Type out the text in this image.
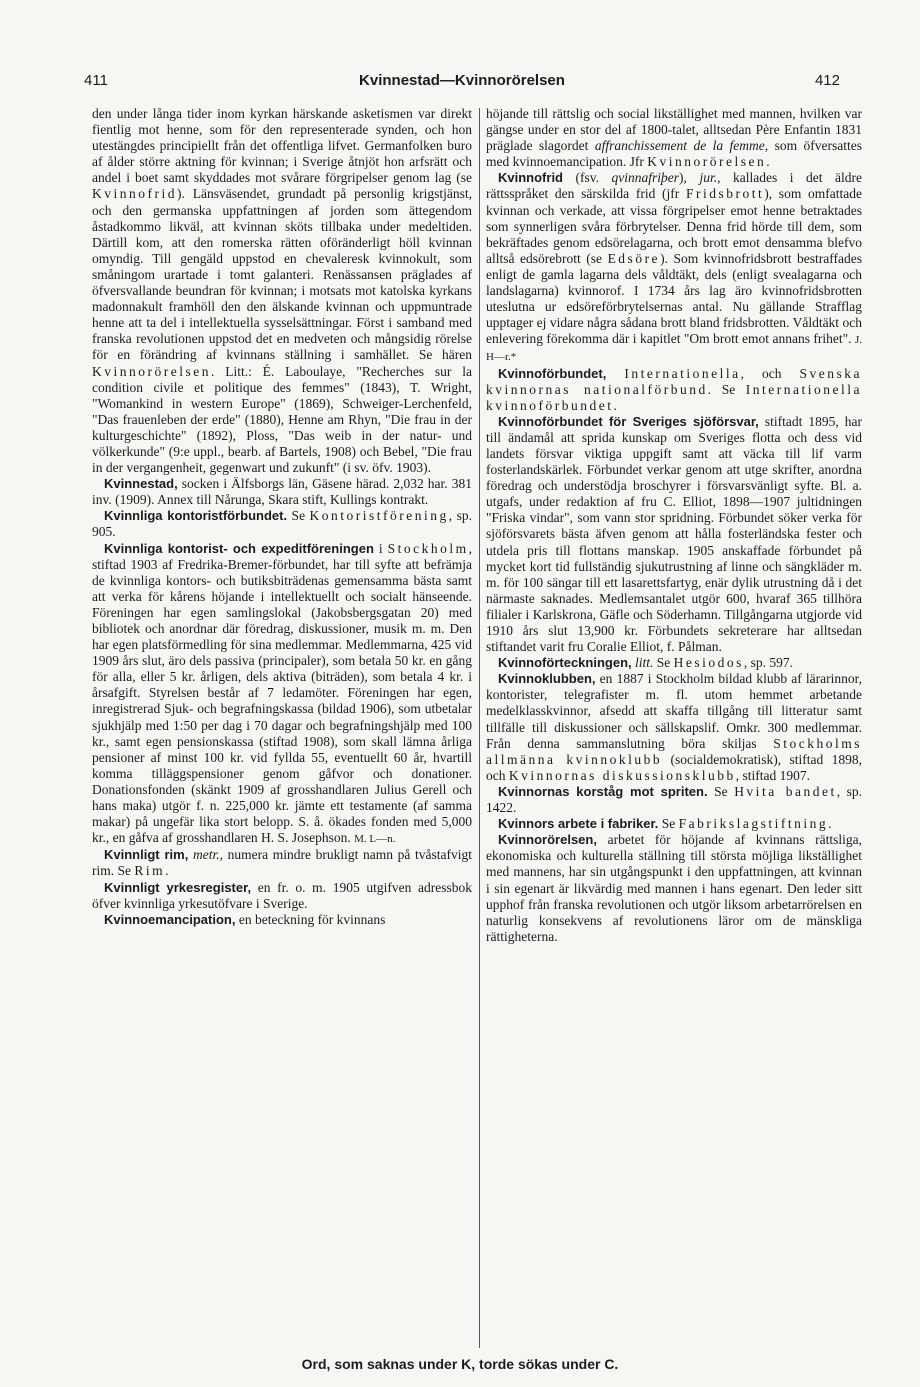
411	Kvinnestad—Kvinnorörelsen	412

den under långa tider inom kyrkan härskande asketismen var direkt fientlig mot henne, som för den representerade synden, och hon utestängdes principiellt från det offentliga lifvet. Germanfolken buro af ålder större aktning för kvinnan; i Sverige åtnjöt hon arfsrätt och andel i boet samt skyddades mot svårare förgripelser genom lag (se Kvinnofrid). Länsväsendet, grundadt på personlig krigstjänst, och den germanska uppfattningen af jorden som ättegendom åstadkommo likväl, att kvinnan sköts tillbaka under medeltiden. Därtill kom, att den romerska rätten oföränderligt höll kvinnan omyndig. Till gengäld uppstod en chevaleresk kvinnokult, som småningom urartade i tomt galanteri. Renässansen präglades af öfversvallande beundran för kvinnan; i motsats mot katolska kyrkans madonnakult framhöll den den älskande kvinnan och uppmuntrade henne att ta del i intellektuella sysselsättningar. Först i samband med franska revolutionen uppstod det en medveten och mångsidig rörelse för en förändring af kvinnans ställning i samhället. Se hären Kvinnorörelsen. Litt.: É. Laboulaye, "Recherches sur la condition civile et politique des femmes" (1843), T. Wright, "Womankind in western Europe" (1869), Schweiger-Lerchenfeld, "Das frauenleben der erde" (1880), Henne am Rhyn, "Die frau in der kulturgeschichte" (1892), Ploss, "Das weib in der natur- und völkerkunde" (9:e uppl., bearb. af Bartels, 1908) och Bebel, "Die frau in der vergangenheit, gegenwart und zukunft" (i sv. öfv. 1903).

Kvinnestad, socken i Älfsborgs län, Gäsene härad. 2,032 har. 381 inv. (1909). Annex till Nårunga, Skara stift, Kullings kontrakt.

Kvinnliga kontoristförbundet. Se Kontoristförening, sp. 905.

Kvinnliga kontorist- och expeditföreningen i Stockholm, stiftad 1903 af Fredrika-Bremer-förbundet, har till syfte att befrämja de kvinnliga kontors- och butiksbiträdenas gemensamma bästa samt att verka för kårens höjande i intellektuellt och socialt hänseende. Föreningen har egen samlingslokal (Jakobsbergsgatan 20) med bibliotek och anordnar där föredrag, diskussioner, musik m. m. Den har egen platsförmedling för sina medlemmar. Medlemmarna, 425 vid 1909 års slut, äro dels passiva (principaler), som betala 50 kr. en gång för alla, eller 5 kr. årligen, dels aktiva (biträden), som betala 4 kr. i årsafgift. Styrelsen består af 7 ledamöter. Föreningen har egen, inregistrerad Sjuk- och begrafningskassa (bildad 1906), som utbetalar sjukhjälp med 1:50 per dag i 70 dagar och begrafningshjälp med 100 kr., samt egen pensionskassa (stiftad 1908), som skall lämna årliga pensioner af minst 100 kr. vid fyllda 55, eventuellt 60 år, hvartill komma tilläggspensioner genom gåfvor och donationer. Donationsfonden (skänkt 1909 af grosshandlaren Julius Gerell och hans maka) utgör f. n. 225,000 kr. jämte ett testamente (af samma makar) på ungefär lika stort belopp. S. å. ökades fonden med 5,000 kr., en gåfva af grosshandlaren H. S. Josephson. M. L—n.

Kvinnligt rim, metr., numera mindre brukligt namn på tvåstafvigt rim. Se Rim.

Kvinnligt yrkesregister, en fr. o. m. 1905 utgifven adressbok öfver kvinnliga yrkesutöfvare i Sverige.

Kvinnoemancipation, en beteckning för kvinnans

höjande till rättslig och social likställighet med mannen, hvilken var gängse under en stor del af 1800-talet, alltsedan Père Enfantin 1831 präglade slagordet affranchissement de la femme, som öfversattes med kvinnoemancipation. Jfr Kvinnorörelsen.

Kvinnofrid (fsv. qvinnafriþer), jur., kallades i det äldre rättsspråket den särskilda frid (jfr Fridsbrott), som omfattade kvinnan och verkade, att vissa förgripelser emot henne betraktades som synnerligen svåra förbrytelser. Denna frid hörde till dem, som bekräftades genom edsörelagarna, och brott emot densamma blefvo alltså edsörebrott (se Edsöre). Som kvinnofridsbrott bestraffades enligt de gamla lagarna dels våldtäkt, dels (enligt svealagarna och landslagarna) kvinnorof. I 1734 års lag äro kvinnofridsbrotten uteslutna ur edsöreförbrytelsernas antal. Nu gällande Strafflag upptager ej vidare några sådana brott bland fridsbrotten. Våldtäkt och enlevering förekomma där i kapitlet "Om brott emot annans frihet". J. H—r.*

Kvinnoförbundet, Internationella, och Svenska kvinnornas nationalförbund. Se Internationella kvinnoförbundet.

Kvinnoförbundet för Sveriges sjöförsvar, stiftadt 1895, har till ändamål att sprida kunskap om Sveriges flotta och dess vid landets försvar viktiga uppgift samt att väcka till lif varm fosterlandskärlek. Förbundet verkar genom att utge skrifter, anordna föredrag och understödja broschyrer i försvarsvänligt syfte. Bl. a. utgafs, under redaktion af fru C. Elliot, 1898—1907 jultidningen "Friska vindar", som vann stor spridning. Förbundet söker verka för sjöförsvarets bästa äfven genom att hålla fosterländska fester och utdela pris till flottans manskap. 1905 anskaffade förbundet på mycket kort tid fullständig sjukutrustning af linne och sängkläder m. m. för 100 sängar till ett lasarettsfartyg, enär dylik utrustning då i det närmaste saknades. Medlemsantalet utgör 600, hvaraf 365 tillhöra filialer i Karlskrona, Gäfle och Söderhamn. Tillgångarna utgjorde vid 1910 års slut 13,900 kr. Förbundets sekreterare har alltsedan stiftandet varit fru Coralie Elliot, f. Pålman.

Kvinnoförteckningen, litt. Se Hesiodos, sp. 597.

Kvinnoklubben, en 1887 i Stockholm bildad klubb af lärarinnor, kontorister, telegrafister m. fl. utom hemmet arbetande medelklasskvinnor, afsedd att skaffa tillgång till litteratur samt tillfälle till diskussioner och sällskapslif. Omkr. 300 medlemmar. Från denna sammanslutning böra skiljas Stockholms allmänna kvinnoklubb (socialdemokratisk), stiftad 1898, och Kvinnornas diskussionsklubb, stiftad 1907.

Kvinnornas korståg mot spriten. Se Hvita bandet, sp. 1422.

Kvinnors arbete i fabriker. Se Fabrikslagstiftning.

Kvinnorörelsen, arbetet för höjande af kvinnans rättsliga, ekonomiska och kulturella ställning till största möjliga likställighet med mannens, har sin utgångspunkt i den uppfattningen, att kvinnan i sin egenart är likvärdig med mannen i hans egenart. Den leder sitt upphof från franska revolutionen och utgör liksom arbetarrörelsen en naturlig konsekvens af revolutionens läror om de mänskliga rättigheterna.

Ord, som saknas under K, torde sökas under C.
